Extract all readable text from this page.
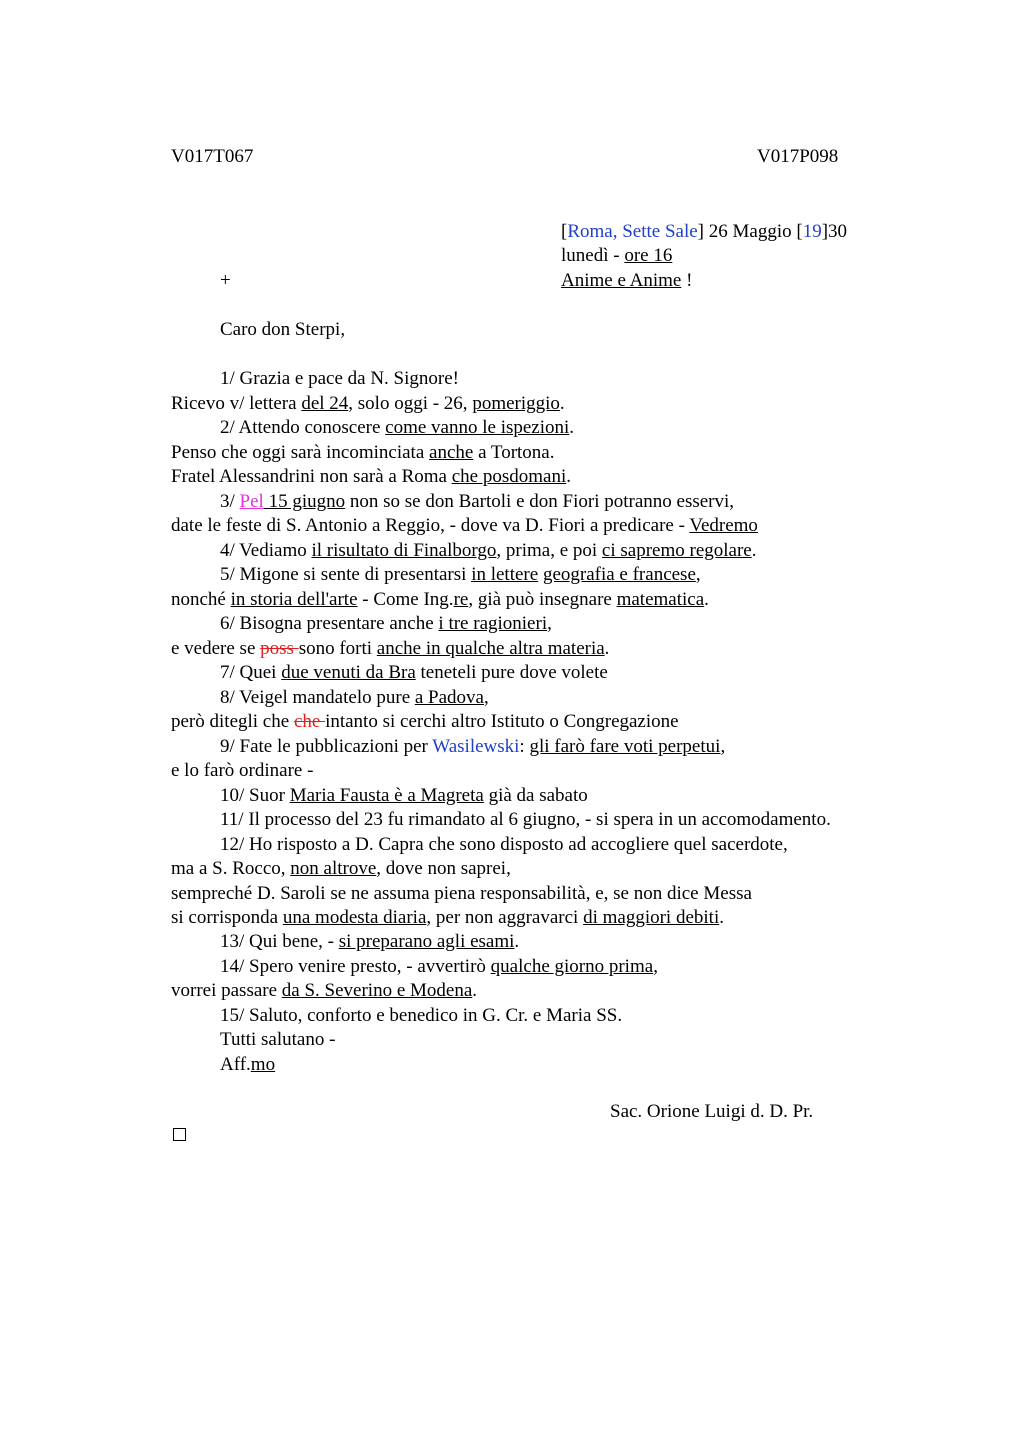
V017T067	V017P098
[Roma, Sette Sale] 26 Maggio [19]30
lunedì - ore 16
+	Anime e Anime !
Caro don Sterpi,
1/ Grazia e pace da N. Signore!
Ricevo v/ lettera del 24, solo oggi - 26, pomeriggio.
2/ Attendo conoscere come vanno le ispezioni.
Penso che oggi sarà incominciata anche a Tortona.
Fratel Alessandrini non sarà a Roma che posdomani.
3/ Pel 15 giugno non so se don Bartoli e don Fiori potranno esservi,
date le feste di S. Antonio a Reggio, - dove va D. Fiori a predicare - Vedremo
4/ Vediamo il risultato di Finalborgo, prima, e poi ci sapremo regolare.
5/ Migone si sente di presentarsi in lettere geografia e francese,
nonché in storia dell'arte - Come Ing.re, già può insegnare matematica.
6/ Bisogna presentare anche i tre ragionieri,
e vedere se poss sono forti anche in qualche altra materia.
7/ Quei due venuti da Bra teneteli pure dove volete
8/ Veigel mandatelo pure a Padova,
però ditegli che che intanto si cerchi altro Istituto o Congregazione
9/ Fate le pubblicazioni per Wasilewski: gli farò fare voti perpetui,
e lo farò ordinare -
10/ Suor Maria Fausta è a Magreta già da sabato
11/ Il processo del 23 fu rimandato al 6 giugno, - si spera in un accomodamento.
12/ Ho risposto a D. Capra che sono disposto ad accogliere quel sacerdote,
ma a S. Rocco, non altrove, dove non saprei,
sempreché D. Saroli se ne assuma piena responsabilità, e, se non dice Messa
si corrisponda una modesta diaria, per non aggravarci di maggiori debiti.
13/ Qui bene, - si preparano agli esami.
14/ Spero venire presto, - avvertirò qualche giorno prima,
vorrei passare da S. Severino e Modena.
15/ Saluto, conforto e benedico in G. Cr. e Maria SS.
Tutti salutano -
Aff.mo
Sac. Orione Luigi d. D. Pr.
